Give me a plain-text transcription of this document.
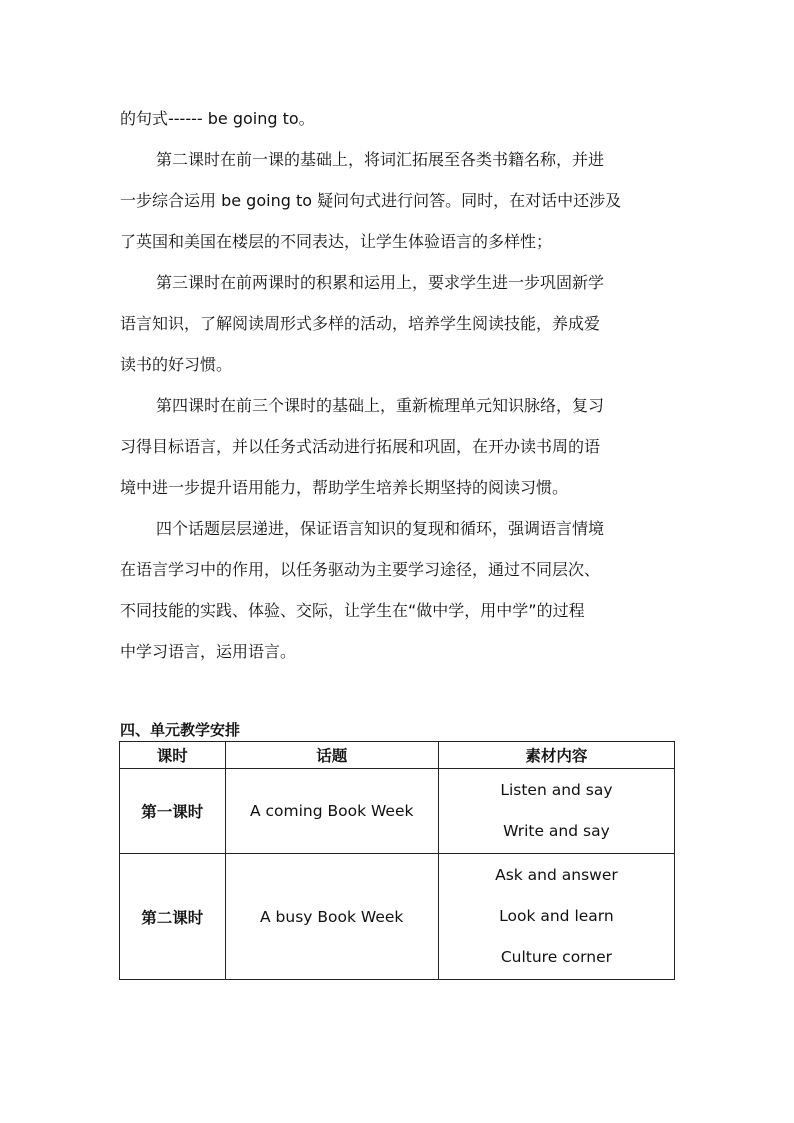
的句式------ be going to。

第二课时在前一课的基础上，将词汇拓展至各类书籍名称，并进
一步综合运用 be going to 疑问句式进行问答。同时，在对话中还涉及
了英国和美国在楼层的不同表达，让学生体验语言的多样性；

第三课时在前两课时的积累和运用上，要求学生进一步巩固新学
语言知识，了解阅读周形式多样的活动，培养学生阅读技能，养成爱
读书的好习惯。

第四课时在前三个课时的基础上，重新梳理单元知识脉络，复习
习得目标语言，并以任务式活动进行拓展和巩固，在开办读书周的语
境中进一步提升语用能力，帮助学生培养长期坚持的阅读习惯。

四个话题层层递进，保证语言知识的复现和循环，强调语言情境
在语言学习中的作用，以任务驱动为主要学习途径，通过不同层次、
不同技能的实践、体验、交际，让学生在“做中学，用中学”的过程
中学习语言，运用语言。

四、单元教学安排
课时	话题	素材内容
第一课时	A coming Book Week	Listen and say
Write and say

第二课时	A busy Book Week	Ask and answer
Look and learn
Culture corner
